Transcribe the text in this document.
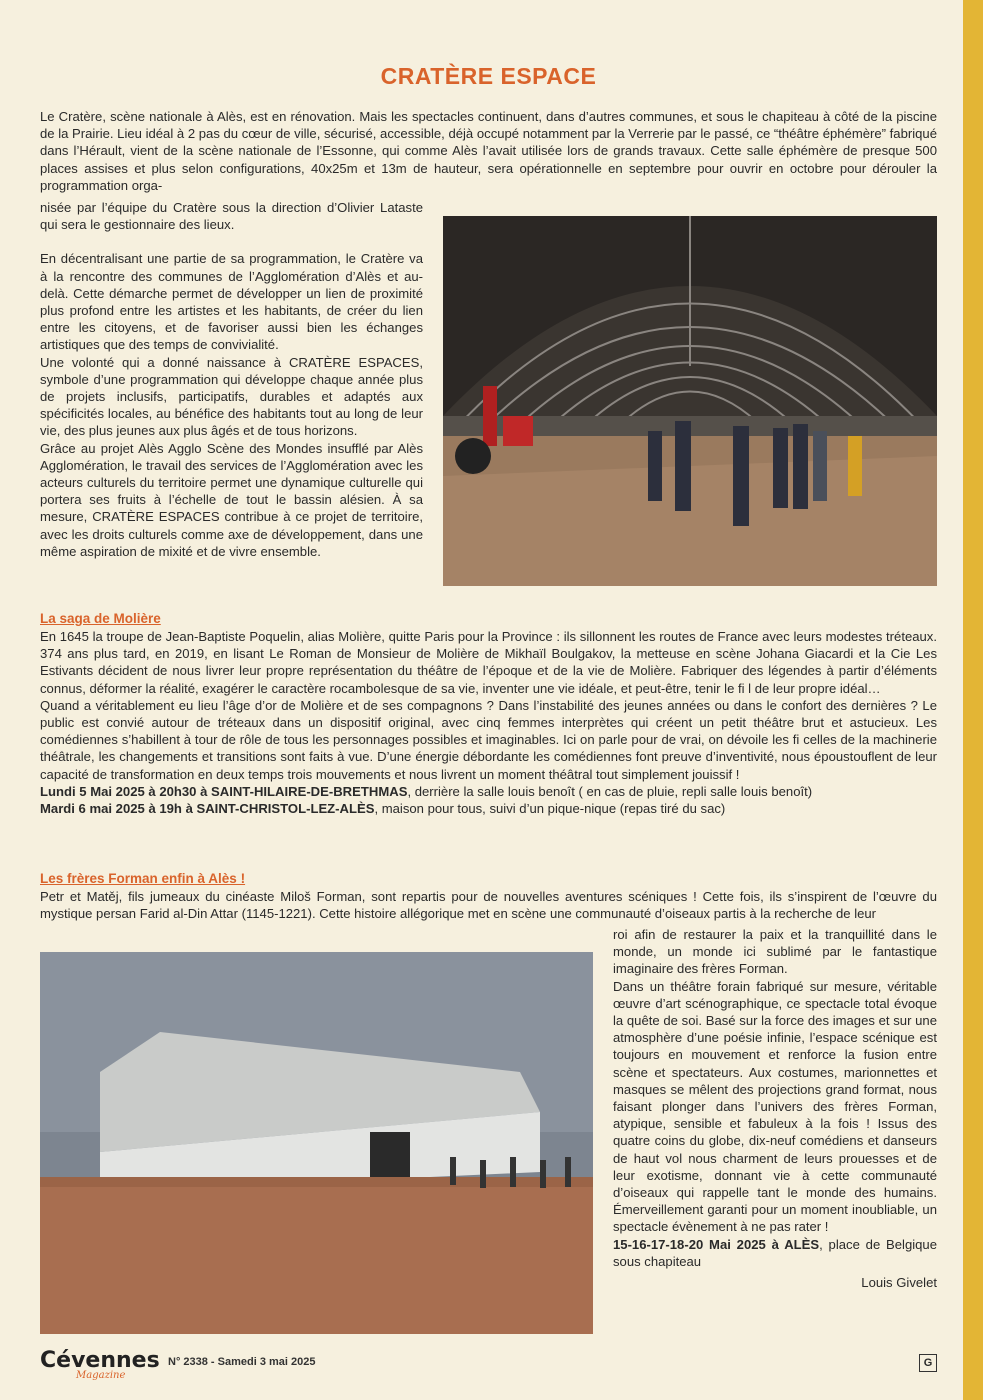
CRATÈRE ESPACE

Le Cratère, scène nationale à Alès, est en rénovation. Mais les spectacles continuent, dans d’autres communes, et sous le chapiteau à côté de la piscine de la Prairie. Lieu idéal à 2 pas du cœur de ville, sécurisé, accessible, déjà occupé notamment par la Verrerie par le passé, ce “théâtre éphémère” fabriqué dans l’Hérault, vient de la scène nationale de l’Essonne, qui comme Alès l’avait utilisée lors de grands travaux. Cette salle éphémère de presque 500 places assises et plus selon configurations, 40x25m et 13m de hauteur, sera opérationnelle en septembre pour ouvrir en octobre pour dérouler la programmation orga-

nisée par l’équipe du Cratère sous la direction d’Olivier Lataste qui sera le gestionnaire des lieux.

En décentralisant une partie de sa programmation, le Cratère va à la rencontre des communes de l’Agglomération d’Alès et au-delà. Cette démarche permet de développer un lien de proximité plus profond entre les artistes et les habitants, de créer du lien entre les citoyens, et de favoriser aussi bien les échanges artistiques que des temps de convivialité.

Une volonté qui a donné naissance à CRATÈRE ESPACES, symbole d’une programmation qui développe chaque année plus de projets inclusifs, participatifs, durables et adaptés aux spécificités locales, au bénéfice des habitants tout au long de leur vie, des plus jeunes aux plus âgés et de tous horizons.

Grâce au projet Alès Agglo Scène des Mondes insufflé par Alès Agglomération, le travail des services de l’Agglomération avec les acteurs culturels du territoire permet une dynamique culturelle qui portera ses fruits à l’échelle de tout le bassin alésien. À sa mesure, CRATÈRE ESPACES contribue à ce projet de territoire, avec les droits culturels comme axe de développement, dans une même aspiration de mixité et de vivre ensemble.

La saga de Molière

En 1645 la troupe de Jean-Baptiste Poquelin, alias Molière, quitte Paris pour la Province : ils sillonnent les routes de France avec leurs modestes tréteaux. 374 ans plus tard, en 2019, en lisant Le Roman de Monsieur de Molière de Mikhaïl Boulgakov, la metteuse en scène Johana Giacardi et la Cie Les Estivants décident de nous livrer leur propre représentation du théâtre de l’époque et de la vie de Molière. Fabriquer des légendes à partir d’éléments connus, déformer la réalité, exagérer le caractère rocambolesque de sa vie, inventer une vie idéale, et peut-être, tenir le fi l de leur propre idéal…

Quand a véritablement eu lieu l’âge d’or de Molière et de ses compagnons ? Dans l’instabilité des jeunes années ou dans le confort des dernières ? Le public est convié autour de tréteaux dans un dispositif original, avec cinq femmes interprètes qui créent un petit théâtre brut et astucieux. Les comédiennes s’habillent à tour de rôle de tous les personnages possibles et imaginables. Ici on parle pour de vrai, on dévoile les fi celles de la machinerie théâtrale, les changements et transitions sont faits à vue. D’une énergie débordante les comédiennes font preuve d’inventivité, nous époustouflent de leur capacité de transformation en deux temps trois mouvements et nous livrent un moment théâtral tout simplement jouissif !

Lundi 5 Mai 2025 à 20h30 à SAINT-HILAIRE-DE-BRETHMAS, derrière la salle louis benoît ( en cas de pluie, repli salle louis benoît)

Mardi 6 mai 2025 à 19h à SAINT-CHRISTOL-LEZ-ALÈS, maison pour tous, suivi d’un pique-nique (repas tiré du sac)

Les frères Forman enfin à Alès !

Petr et Matěj, fils jumeaux du cinéaste Miloš Forman, sont repartis pour de nouvelles aventures scéniques ! Cette fois, ils s’inspirent de l’œuvre du mystique persan Farid al-Din Attar (1145-1221). Cette histoire allégorique met en scène une communauté d’oiseaux partis à la recherche de leur

roi afin de restaurer la paix et la tranquillité dans le monde, un monde ici sublimé par le fantastique imaginaire des frères Forman.

Dans un théâtre forain fabriqué sur mesure, véritable œuvre d’art scénographique, ce spectacle total évoque la quête de soi. Basé sur la force des images et sur une atmosphère d’une poésie infinie, l’espace scénique est toujours en mouvement et renforce la fusion entre scène et spectateurs. Aux costumes, marionnettes et masques se mêlent des projections grand format, nous faisant plonger dans l’univers des frères Forman, atypique, sensible et fabuleux à la fois ! Issus des quatre coins du globe, dix-neuf comédiens et danseurs de haut vol nous charment de leurs prouesses et de leur exotisme, donnant vie à cette communauté d’oiseaux qui rappelle tant le monde des humains. Émerveillement garanti pour un moment inoubliable, un spectacle évènement à ne pas rater !

15-16-17-18-20 Mai 2025 à ALÈS, place de Belgique sous chapiteau

Louis Givelet

Cévennes
Magazine
N° 2338 - Samedi 3 mai 2025	G
